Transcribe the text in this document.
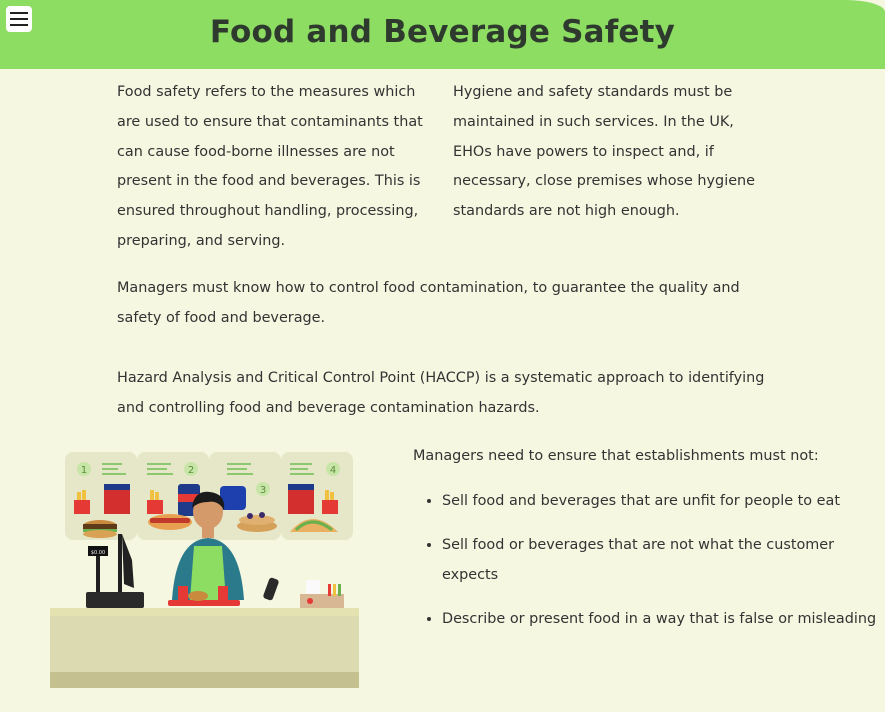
Food and Beverage Safety

Food safety refers to the measures which are used to ensure that contaminants that can cause food-borne illnesses are not present in the food and beverages. This is ensured throughout handling, processing, preparing, and serving.

Hygiene and safety standards must be maintained in such services. In the UK, EHOs have powers to inspect and, if necessary, close premises whose hygiene standards are not high enough.

Managers must know how to control food contamination, to guarantee the quality and safety of food and beverage.

Hazard Analysis and Critical Control Point (HACCP) is a systematic approach to identifying and controlling food and beverage contamination hazards.

1	2
3
4
$0.00

Managers need to ensure that establishments must not:

• Sell food and beverages that are unfit for people to eat
• Sell food or beverages that are not what the customer expects
• Describe or present food in a way that is false or misleading
